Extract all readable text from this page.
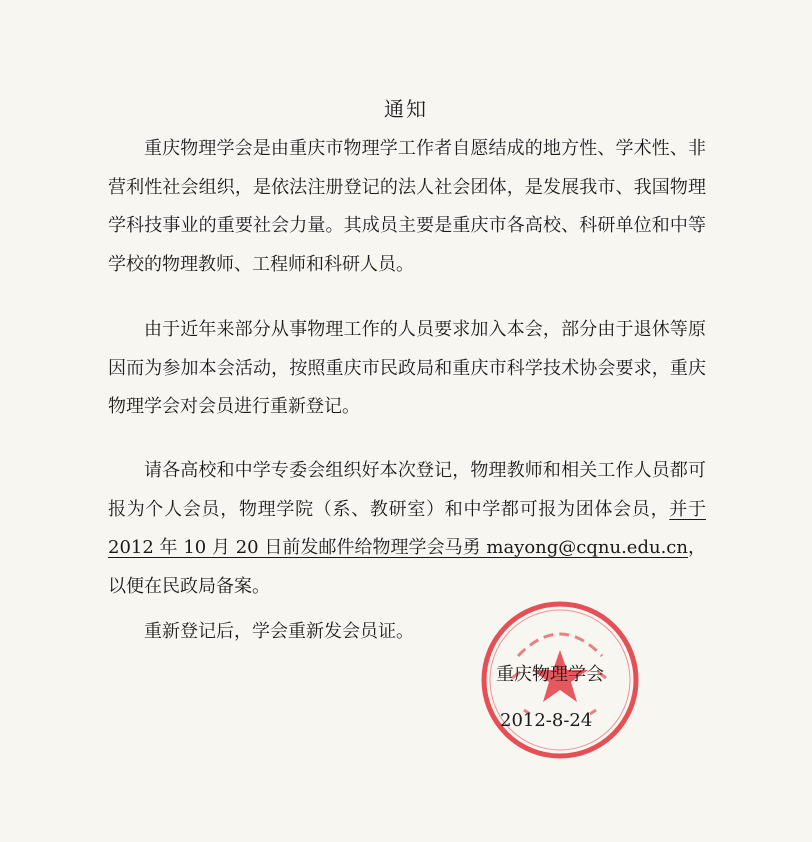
通知

重庆物理学会是由重庆市物理学工作者自愿结成的地方性、学术性、非营利性社会组织，是依法注册登记的法人社会团体，是发展我市、我国物理学科技事业的重要社会力量。其成员主要是重庆市各高校、科研单位和中等学校的物理教师、工程师和科研人员。

由于近年来部分从事物理工作的人员要求加入本会，部分由于退休等原因而为参加本会活动，按照重庆市民政局和重庆市科学技术协会要求，重庆物理学会对会员进行重新登记。

请各高校和中学专委会组织好本次登记，物理教师和相关工作人员都可报为个人会员，物理学院（系、教研室）和中学都可报为团体会员，并于 2012 年 10 月 20 日前发邮件给物理学会马勇 mayong@cqnu.edu.cn，以便在民政局备案。

重新登记后，学会重新发会员证。

重庆物理学会
2012-8-24
